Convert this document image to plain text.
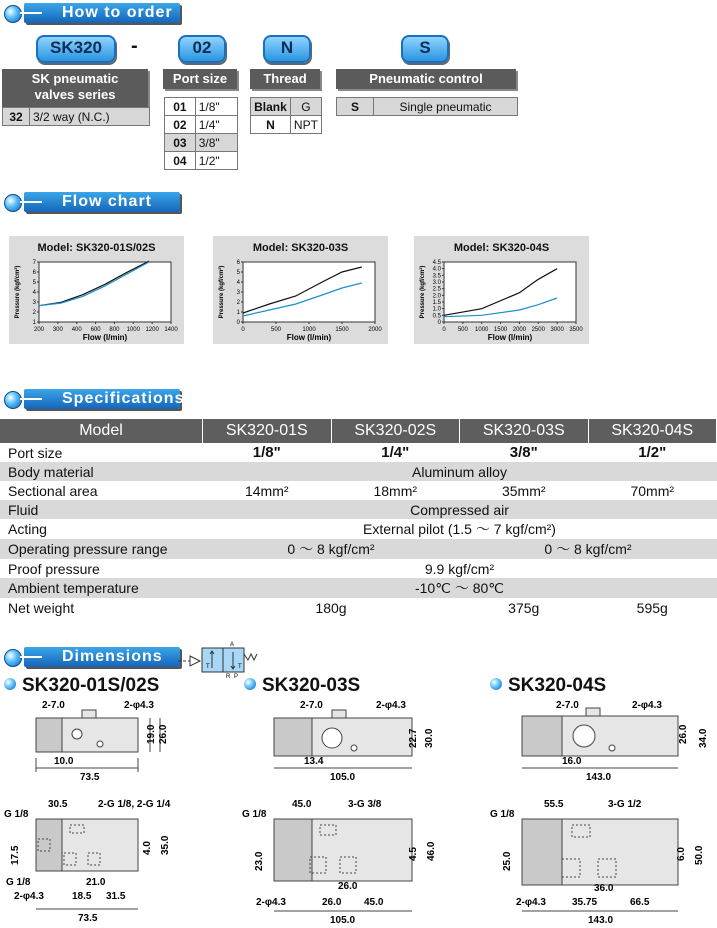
How to order
SK320	-	02	N	S
SK pneumatic
valves series
32	3/2 way (N.C.)
Port size
01	1/8"
02	1/4"
03	3/8"
04	1/2"
Thread
Blank	G
N	NPT
Pneumatic control
S	Single pneumatic
Flow chart
Model: SK320-01S/02S
200 300 400 600 800 1000 1200 1400
1
2
3
4
5
6
7
Flow (l/min)
Pressure (kgf/cm²)
Model: SK320-03S
0	500	1000	1500	2000
0
1
2
3
4
5
6
Flow (l/min)
Pressure (kgf/cm²)
Model: SK320-04S
0 500 1000 1500 2000 2500 3000 3500
0
0.5
1.0
1.5
2.0
2.5
3.0
3.5
4.0
4.5
Flow (l/min)
Pressure (kgf/cm²)
Specifications
Model	SK320-01S	SK320-02S	SK320-03S	SK320-04S
Port size	1/8"	1/4"	3/8"	1/2"
Body material	Aluminum alloy			
Sectional area	14mm²	18mm²	35mm²	70mm²
Fluid	Compressed air			
Acting	External pilot (1.5 ～ 7 kgf/cm²)			
Operating pressure range	0 ～ 8 kgf/cm²		0 ～ 8 kgf/cm²	
Proof pressure	9.9 kgf/cm²			
Ambient temperature	-10℃ ～ 80℃			
Net weight	180g		375g	595g
Dimensions
T	T
A
R P
SK320-01S/02S	SK320-03S	SK320-04S
73.5
10.0
2-7.0	2-φ4.3
19.0 26.0
30.5	2-G 1/8, 2-G 1/4
G 1/8
17.5	4.0 35.0
G 1/8	21.0
2-φ4.3	18.5 31.5
73.5
105.0
13.4
2-7.0	2-φ4.3
22.7 30.0
45.0	3-G 3/8
G 1/8
23.0	4.5 46.0
26.0
2-φ4.3	26.0 45.0
105.0
143.0
16.0
2-7.0	2-φ4.3
26.0 34.0
55.5	3-G 1/2
G 1/8
25.0	6.0 50.0
36.0
2-φ4.3	35.75	66.5
143.0
